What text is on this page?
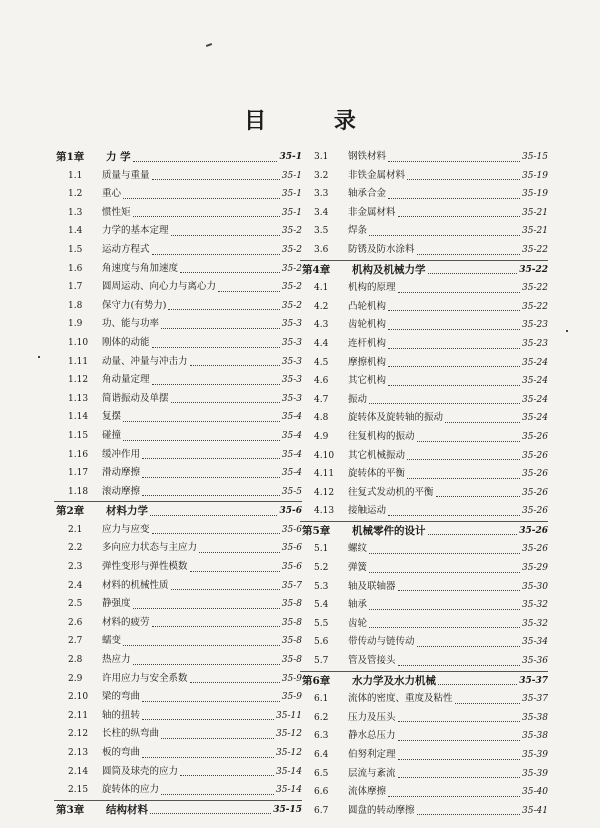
目 录
第1章	力 学	35-1
1.1	质量与重量	35-1
1.2	重心	35-1
1.3	惯性矩	35-1
1.4	力学的基本定理	35-2
1.5	运动方程式	35-2
1.6	角速度与角加速度	35-2
1.7	圆周运动、向心力与离心力	35-2
1.8	保守力(有势力)	35-2
1.9	功、能与功率	35-3
1.10	刚体的动能	35-3
1.11	动量、冲量与冲击力	35-3
1.12	角动量定理	35-3
1.13	简谐振动及单摆	35-3
1.14	复摆	35-4
1.15	碰撞	35-4
1.16	缓冲作用	35-4
1.17	滑动摩擦	35-4
1.18	滚动摩擦	35-5
第2章	材料力学	35-6
2.1	应力与应变	35-6
2.2	多向应力状态与主应力	35-6
2.3	弹性变形与弹性模数	35-6
2.4	材料的机械性质	35-7
2.5	静强度	35-8
2.6	材料的疲劳	35-8
2.7	蠕变	35-8
2.8	热应力	35-8
2.9	许用应力与安全系数	35-9
2.10	梁的弯曲	35-9
2.11	轴的扭转	35-11
2.12	长柱的纵弯曲	35-12
2.13	板的弯曲	35-12
2.14	圆筒及球壳的应力	35-14
2.15	旋转体的应力	35-14
第3章	结构材料	35-15
3.1	钢铁材料	35-15
3.2	非铁金属材料	35-19
3.3	轴承合金	35-19
3.4	非金属材料	35-21
3.5	焊条	35-21
3.6	防锈及防水涂料	35-22
第4章	机构及机械力学	35-22
4.1	机构的原理	35-22
4.2	凸轮机构	35-22
4.3	齿轮机构	35-23
4.4	连杆机构	35-23
4.5	摩擦机构	35-24
4.6	其它机构	35-24
4.7	振动	35-24
4.8	旋转体及旋转轴的振动	35-24
4.9	往复机构的振动	35-26
4.10	其它机械振动	35-26
4.11	旋转体的平衡	35-26
4.12	往复式发动机的平衡	35-26
4.13	接触运动	35-26
第5章	机械零件的设计	35-26
5.1	螺纹	35-26
5.2	弹簧	35-29
5.3	轴及联轴器	35-30
5.4	轴承	35-32
5.5	齿轮	35-32
5.6	带传动与链传动	35-34
5.7	管及管接头	35-36
第6章	水力学及水力机械	35-37
6.1	流体的密度、重度及粘性	35-37
6.2	压力及压头	35-38
6.3	静水总压力	35-38
6.4	伯努利定理	35-39
6.5	层流与紊流	35-39
6.6	流体摩擦	35-40
6.7	圆盘的转动摩擦	35-41
